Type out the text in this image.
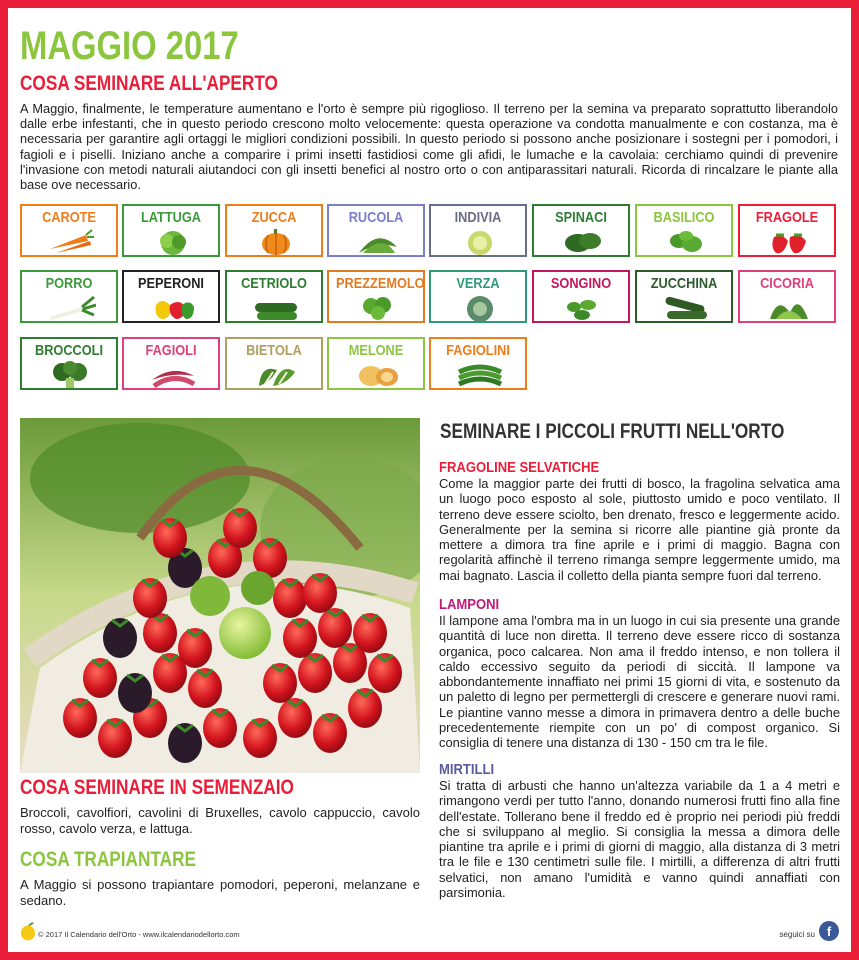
MAGGIO 2017
COSA SEMINARE ALL'APERTO
A Maggio, finalmente, le temperature aumentano e l'orto è sempre più rigoglioso. Il terreno per la semina va preparato soprattutto liberandolo dalle erbe infestanti, che in questo periodo crescono molto velocemente: questa operazione va condotta manualmente e con costanza, ma è necessaria per garantire agli ortaggi le migliori condizioni possibili. In questo periodo si possono anche posizionare i sostegni per i pomodori, i fagioli e i piselli. Iniziano anche a comparire i primi insetti fastidiosi come gli afidi, le lumache e la cavolaia: cerchiamo quindi di prevenire l'invasione con metodi naturali aiutandoci con gli insetti benefici al nostro orto o con antiparassitari naturali. Ricorda di rincalzare le piante alla base ove necessario.
CAROTE	LATTUGA	ZUCCA	RUCOLA	INDIVIA	SPINACI	BASILICO	FRAGOLE
PORRO	PEPERONI	CETRIOLO	PREZZEMOLO	VERZA	SONGINO	ZUCCHINA	CICORIA
BROCCOLI	FAGIOLI	BIETOLA	MELONE	FAGIOLINI
COSA SEMINARE IN SEMENZAIO
Broccoli, cavolfiori, cavolini di Bruxelles, cavolo cappuccio, cavolo rosso, cavolo verza, e lattuga.
COSA TRAPIANTARE
A Maggio si possono trapiantare pomodori, peperoni, melanzane e sedano.
SEMINARE I PICCOLI FRUTTI NELL'ORTO
FRAGOLINE SELVATICHE
Come la maggior parte dei frutti di bosco, la fragolina selvatica ama un luogo poco esposto al sole, piuttosto umido e poco ventilato. Il terreno deve essere sciolto, ben drenato, fresco e leggermente acido. Generalmente per la semina si ricorre alle piantine già pronte da mettere a dimora tra fine aprile e i primi di maggio. Bagna con regolarità affinchè il terreno rimanga sempre leggermente umido, ma mai bagnato. Lascia il colletto della pianta sempre fuori dal terreno.
LAMPONI
Il lampone ama l'ombra ma in un luogo in cui sia presente una grande quantità di luce non diretta. Il terreno deve essere ricco di sostanza organica, poco calcarea. Non ama il freddo intenso, e non tollera il caldo eccessivo seguito da periodi di siccità. Il lampone va abbondantemente innaffiato nei primi 15 giorni di vita, e sostenuto da un paletto di legno per permettergli di crescere e generare nuovi rami. Le piantine vanno messe a dimora in primavera dentro a delle buche precedentemente riempite con un po' di compost organico. Si consiglia di tenere una distanza di 130 - 150 cm tra le file.
MIRTILLI
Si tratta di arbusti che hanno un'altezza variabile da 1 a 4 metri e rimangono verdi per tutto l'anno, donando numerosi frutti fino alla fine dell'estate. Tollerano bene il freddo ed è proprio nei periodi più freddi che si sviluppano al meglio. Si consiglia la messa a dimora delle piantine tra aprile e i primi di giorni di maggio, alla distanza di 3 metri tra le file e 130 centimetri sulle file. I mirtilli, a differenza di altri frutti selvatici, non amano l'umidità e vanno quindi annaffiati con parsimonia.
© 2017 Il Calendario dell'Orto - www.ilcalendariodellorto.com	seguici su f
